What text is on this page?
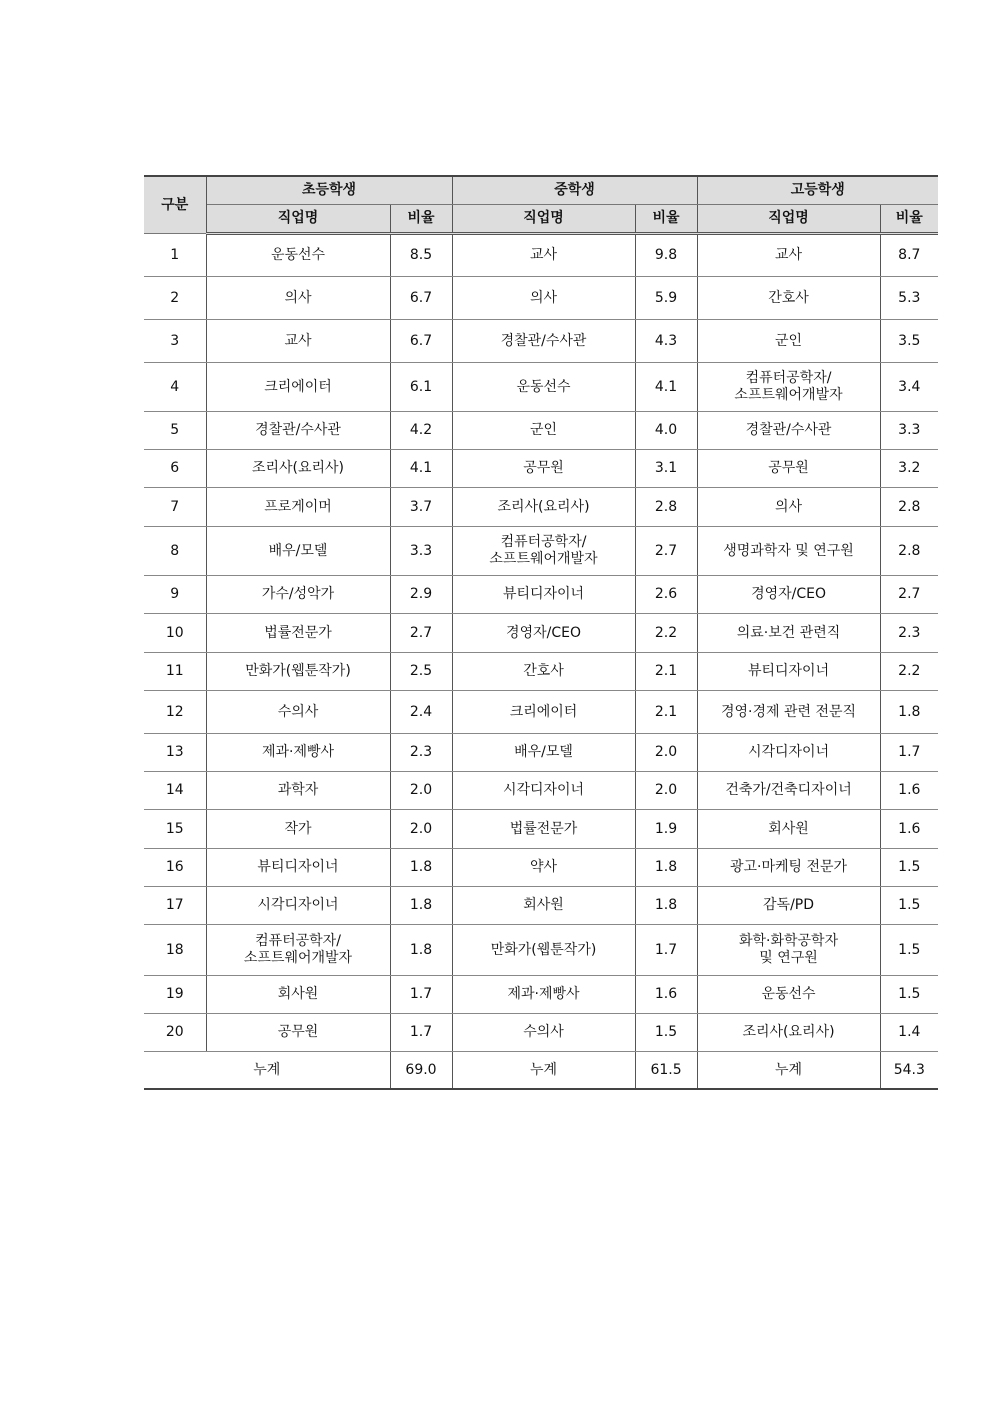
구분	초등학생		중학생		고등학생	
	직업명	비율	직업명	비율	직업명	비율
1	운동선수	8.5	교사	9.8	교사	8.7
2	의사	6.7	의사	5.9	간호사	5.3
3	교사	6.7	경찰관/수사관	4.3	군인	3.5
4	크리에이터	6.1	운동선수	4.1	컴퓨터공학자/
소프트웨어개발자	3.4
5	경찰관/수사관	4.2	군인	4.0	경찰관/수사관	3.3
6	조리사(요리사)	4.1	공무원	3.1	공무원	3.2
7	프로게이머	3.7	조리사(요리사)	2.8	의사	2.8
8	배우/모델	3.3	컴퓨터공학자/
소프트웨어개발자	2.7	생명과학자 및 연구원	2.8
9	가수/성악가	2.9	뷰티디자이너	2.6	경영자/CEO	2.7
10	법률전문가	2.7	경영자/CEO	2.2	의료·보건 관련직	2.3
11	만화가(웹툰작가)	2.5	간호사	2.1	뷰티디자이너	2.2
12	수의사	2.4	크리에이터	2.1	경영·경제 관련 전문직	1.8
13	제과·제빵사	2.3	배우/모델	2.0	시각디자이너	1.7
14	과학자	2.0	시각디자이너	2.0	건축가/건축디자이너	1.6
15	작가	2.0	법률전문가	1.9	회사원	1.6
16	뷰티디자이너	1.8	약사	1.8	광고·마케팅 전문가	1.5
17	시각디자이너	1.8	회사원	1.8	감독/PD	1.5
18	컴퓨터공학자/
소프트웨어개발자	1.8	만화가(웹툰작가)	1.7	화학·화학공학자
및 연구원	1.5
19	회사원	1.7	제과·제빵사	1.6	운동선수	1.5
20	공무원	1.7	수의사	1.5	조리사(요리사)	1.4
누계		69.0	누계	61.5	누계	54.3
